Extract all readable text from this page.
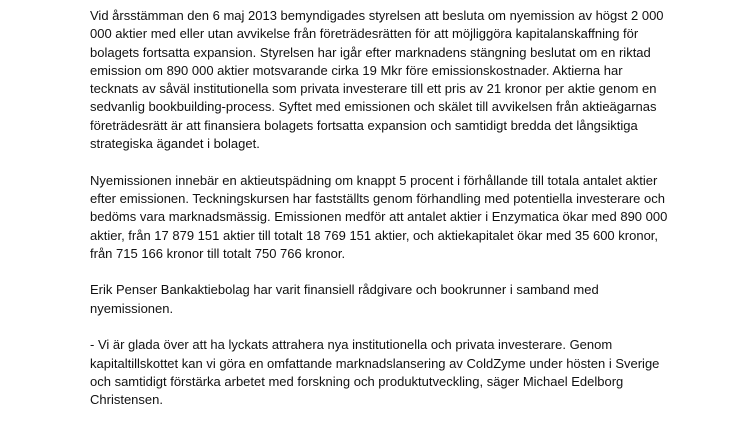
Vid årsstämman den 6 maj 2013 bemyndigades styrelsen att besluta om nyemission av högst 2 000

000 aktier med eller utan avvikelse från företrädesrätten för att möjliggöra kapitalanskaffning för

bolagets fortsatta expansion. Styrelsen har igår efter marknadens stängning beslutat om en riktad

emission om 890 000 aktier motsvarande cirka 19 Mkr före emissionskostnader. Aktierna har

tecknats av såväl institutionella som privata investerare till ett pris av 21 kronor per aktie genom en

sedvanlig bookbuilding-process. Syftet med emissionen och skälet till avvikelsen från aktieägarnas

företrädesrätt är att finansiera bolagets fortsatta expansion och samtidigt bredda det långsiktiga

strategiska ägandet i bolaget.

Nyemissionen innebär en aktieutspädning om knappt 5 procent i förhållande till totala antalet aktier

efter emissionen. Teckningskursen har fastställts genom förhandling med potentiella investerare och

bedöms vara marknadsmässig. Emissionen medför att antalet aktier i Enzymatica ökar med 890 000

aktier, från 17 879 151 aktier till totalt 18 769 151 aktier, och aktiekapitalet ökar med 35 600 kronor,

från 715 166 kronor till totalt 750 766 kronor.

Erik Penser Bankaktiebolag har varit finansiell rådgivare och bookrunner i samband med

nyemissionen.

- Vi är glada över att ha lyckats attrahera nya institutionella och privata investerare. Genom

kapitaltillskottet kan vi göra en omfattande marknadslansering av ColdZyme under hösten i Sverige

och samtidigt förstärka arbetet med forskning och produktutveckling, säger Michael Edelborg

Christensen.
